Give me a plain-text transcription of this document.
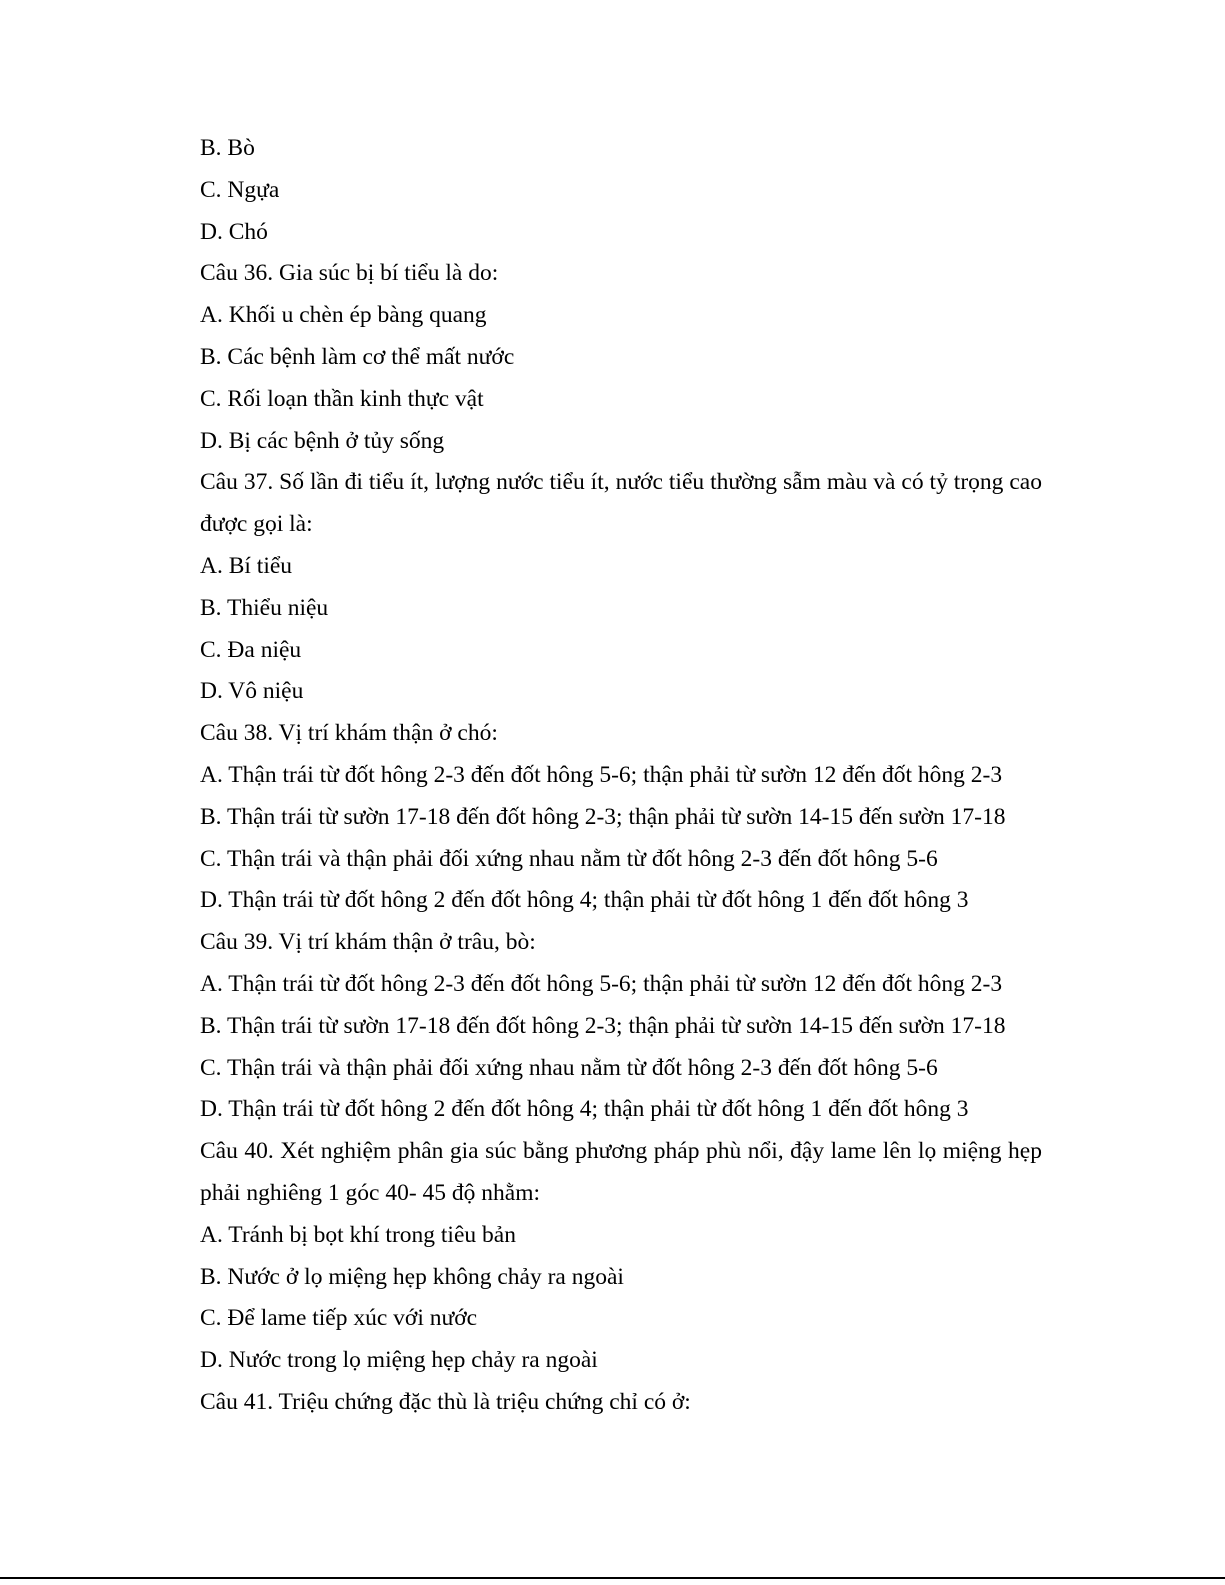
B. Bò

C. Ngựa

D. Chó

Câu 36. Gia súc bị bí tiểu là do:

A. Khối u chèn ép bàng quang

B. Các bệnh làm cơ thể mất nước

C. Rối loạn thần kinh thực vật

D. Bị các bệnh ở tủy sống

Câu 37. Số lần đi tiểu ít, lượng nước tiểu ít, nước tiểu thường sẫm màu và có tỷ trọng cao được gọi là:

A. Bí tiểu

B. Thiểu niệu

C. Đa niệu

D. Vô niệu

Câu 38. Vị trí khám thận ở chó:

A. Thận trái từ đốt hông 2-3 đến đốt hông 5-6; thận phải từ sườn 12 đến đốt hông 2-3

B. Thận trái từ sườn 17-18 đến đốt hông 2-3; thận phải từ sườn 14-15 đến sườn 17-18

C. Thận trái và thận phải đối xứng nhau nằm từ đốt hông 2-3 đến đốt hông 5-6

D. Thận trái từ đốt hông 2 đến đốt hông 4; thận phải từ đốt hông 1 đến đốt hông 3

Câu 39. Vị trí khám thận ở trâu, bò:

A. Thận trái từ đốt hông 2-3 đến đốt hông 5-6; thận phải từ sườn 12 đến đốt hông 2-3

B. Thận trái từ sườn 17-18 đến đốt hông 2-3; thận phải từ sườn 14-15 đến sườn 17-18

C. Thận trái và thận phải đối xứng nhau nằm từ đốt hông 2-3 đến đốt hông 5-6

D. Thận trái từ đốt hông 2 đến đốt hông 4; thận phải từ đốt hông 1 đến đốt hông 3

Câu 40. Xét nghiệm phân gia súc bằng phương pháp phù nổi, đậy lame lên lọ miệng hẹp phải nghiêng 1 góc 40- 45 độ nhằm:

A. Tránh bị bọt khí trong tiêu bản

B. Nước ở lọ miệng hẹp không chảy ra ngoài

C. Để lame tiếp xúc với nước

D. Nước trong lọ miệng hẹp chảy ra ngoài

Câu 41. Triệu chứng đặc thù là triệu chứng chỉ có ở:
